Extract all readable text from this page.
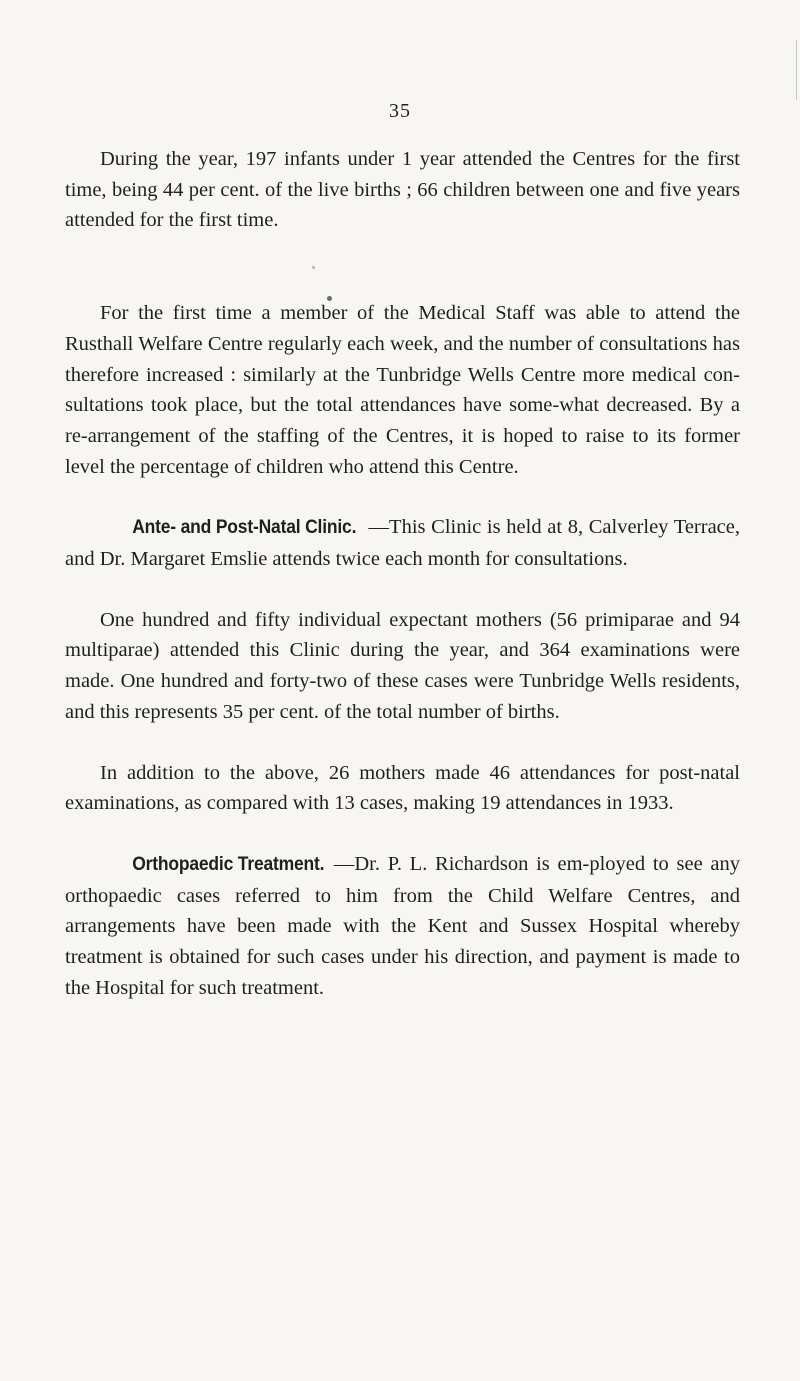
35

During the year, 197 infants under 1 year attended the Centres for the first time, being 44 per cent. of the live births ; 66 children between one and five years attended for the first time.

For the first time a member of the Medical Staff was able to attend the Rusthall Welfare Centre regularly each week, and the number of consultations has therefore increased : similarly at the Tunbridge Wells Centre more medical con-sultations took place, but the total attendances have some-what decreased. By a re-arrangement of the staffing of the Centres, it is hoped to raise to its former level the percentage of children who attend this Centre.

Ante- and Post-Natal Clinic. —This Clinic is held at 8, Calverley Terrace, and Dr. Margaret Emslie attends twice each month for consultations.

One hundred and fifty individual expectant mothers (56 primiparae and 94 multiparae) attended this Clinic during the year, and 364 examinations were made. One hundred and forty-two of these cases were Tunbridge Wells residents, and this represents 35 per cent. of the total number of births.

In addition to the above, 26 mothers made 46 attendances for post-natal examinations, as compared with 13 cases, making 19 attendances in 1933.

Orthopaedic Treatment. —Dr. P. L. Richardson is em-ployed to see any orthopaedic cases referred to him from the Child Welfare Centres, and arrangements have been made with the Kent and Sussex Hospital whereby treatment is obtained for such cases under his direction, and payment is made to the Hospital for such treatment.
